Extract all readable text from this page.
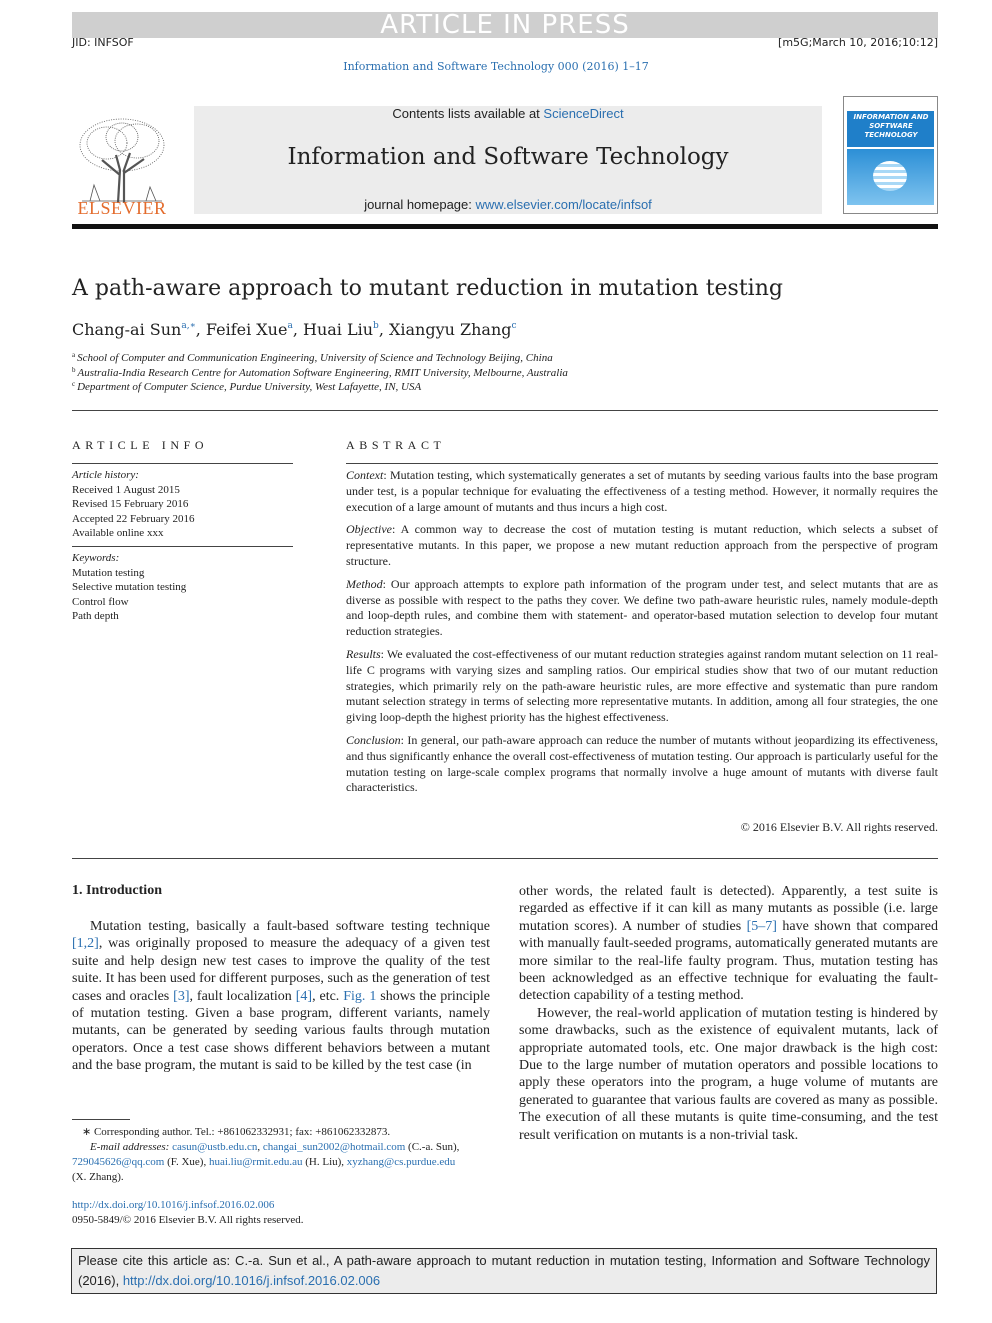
ARTICLE IN PRESS
JID: INFSOF	[m5G;March 10, 2016;10:12]
Information and Software Technology 000 (2016) 1–17
ELSEVIER
Contents lists available at ScienceDirect
Information and Software Technology
journal homepage: www.elsevier.com/locate/infsof
INFORMATION AND SOFTWARE TECHNOLOGY
A path-aware approach to mutant reduction in mutation testing
Chang-ai Sun$^{a,∗}$, Feifei Xue$^a$, Huai Liu$^b$, Xiangyu Zhang$^c$
$^a$ School of Computer and Communication Engineering, University of Science and Technology Beijing, China
$^b$ Australia-India Research Centre for Automation Software Engineering, RMIT University, Melbourne, Australia
$^c$ Department of Computer Science, Purdue University, West Lafayette, IN, USA
ARTICLE INFO
Article history:
Received 1 August 2015
Revised 15 February 2016
Accepted 22 February 2016
Available online xxx
Keywords:
Mutation testing
Selective mutation testing
Control flow
Path depth
ABSTRACT

Context: Mutation testing, which systematically generates a set of mutants by seeding various faults into the base program under test, is a popular technique for evaluating the effectiveness of a testing method. However, it normally requires the execution of a large amount of mutants and thus incurs a high cost.

Objective: A common way to decrease the cost of mutation testing is mutant reduction, which selects a subset of representative mutants. In this paper, we propose a new mutant reduction approach from the perspective of program structure.

Method: Our approach attempts to explore path information of the program under test, and select mutants that are as diverse as possible with respect to the paths they cover. We define two path-aware heuristic rules, namely module-depth and loop-depth rules, and combine them with statement- and operator-based mutation selection to develop four mutant reduction strategies.

Results: We evaluated the cost-effectiveness of our mutant reduction strategies against random mutant selection on 11 real-life C programs with varying sizes and sampling ratios. Our empirical studies show that two of our mutant reduction strategies, which primarily rely on the path-aware heuristic rules, are more effective and systematic than pure random mutant selection strategy in terms of selecting more representative mutants. In addition, among all four strategies, the one giving loop-depth the highest priority has the highest effectiveness.

Conclusion: In general, our path-aware approach can reduce the number of mutants without jeopardizing its effectiveness, and thus significantly enhance the overall cost-effectiveness of mutation testing. Our approach is particularly useful for the mutation testing on large-scale complex programs that normally involve a huge amount of mutants with diverse fault characteristics.

© 2016 Elsevier B.V. All rights reserved.
1. Introduction

Mutation testing, basically a fault-based software testing technique [1,2], was originally proposed to measure the adequacy of a given test suite and help design new test cases to improve the quality of the test suite. It has been used for different purposes, such as the generation of test cases and oracles [3], fault localization [4], etc. Fig. 1 shows the principle of mutation testing. Given a base program, different variants, namely mutants, can be generated by seeding various faults through mutation operators. Once a test case shows different behaviors between a mutant and the base program, the mutant is said to be killed by the test case (in

other words, the related fault is detected). Apparently, a test suite is regarded as effective if it can kill as many mutants as possible (i.e. large mutation scores). A number of studies [5–7] have shown that compared with manually fault-seeded programs, automatically generated mutants are more similar to the real-life faulty program. Thus, mutation testing has been acknowledged as an effective technique for evaluating the fault-detection capability of a testing method.

However, the real-world application of mutation testing is hindered by some drawbacks, such as the existence of equivalent mutants, lack of appropriate automated tools, etc. One major drawback is the high cost: Due to the large number of mutation operators and possible locations to apply these operators into the program, a huge volume of mutants are generated to guarantee that various faults are covered as many as possible. The execution of all these mutants is quite time-consuming, and the test result verification on mutants is a non-trivial task.

∗ Corresponding author. Tel.: +861062332931; fax: +861062332873.
E-mail addresses: casun@ustb.edu.cn, changai_sun2002@hotmail.com (C.-a. Sun),
729045626@qq.com (F. Xue), huai.liu@rmit.edu.au (H. Liu), xyzhang@cs.purdue.edu
(X. Zhang).
http://dx.doi.org/10.1016/j.infsof.2016.02.006
0950-5849/© 2016 Elsevier B.V. All rights reserved.
Please cite this article as: C.-a. Sun et al., A path-aware approach to mutant reduction in mutation testing, Information and Software Technology (2016), http://dx.doi.org/10.1016/j.infsof.2016.02.006
